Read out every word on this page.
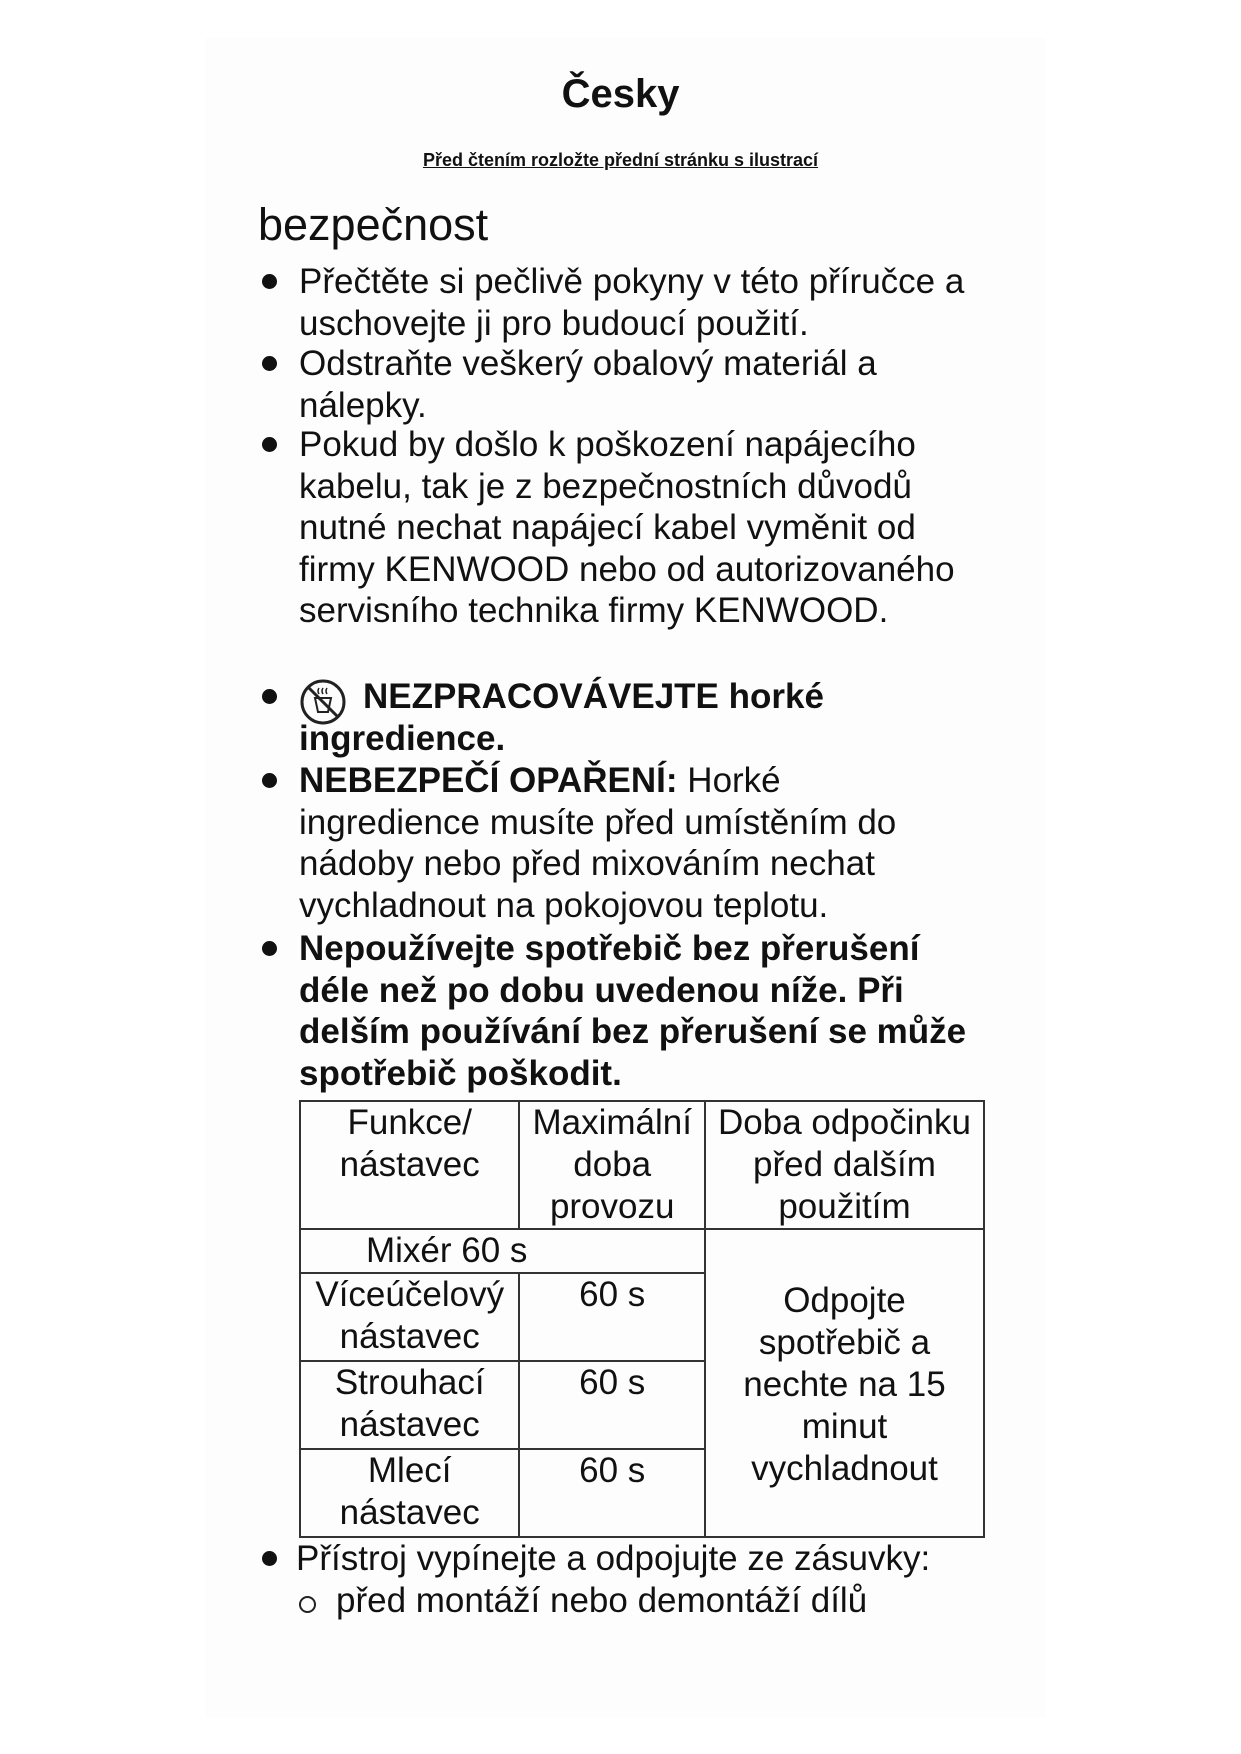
Česky
Před čtením rozložte přední stránku s ilustrací
bezpečnost
Přečtěte si pečlivě pokyny v této příručce a uschovejte ji pro budoucí použití.
Odstraňte veškerý obalový materiál a nálepky.
Pokud by došlo k poškození napájecího kabelu, tak je z bezpečnostních důvodů nutné nechat napájecí kabel vyměnit od firmy KENWOOD nebo od autorizovaného servisního technika firmy KENWOOD.
NEZPRACOVÁVEJTE horké ingredience.
NEBEZPEČÍ OPAŘENÍ: Horké ingredience musíte před umístěním do nádoby nebo před mixováním nechat vychladnout na pokojovou teplotu.
Nepoužívejte spotřebič bez přerušení déle než po dobu uvedenou níže. Při delším používání bez přerušení se může spotřebič poškodit.
Funkce/ nástavec	Maximální doba provozu	Doba odpočinku před dalším použitím

Mixér 60 s		Odpojte spotřebič a nechte na 15 minut vychladnout

Víceúčelový nástavec	60 s	
Strouhací nástavec	60 s	
Mlecí nástavec	60 s	
Přístroj vypínejte a odpojujte ze zásuvky:
před montáží nebo demontáží dílů
